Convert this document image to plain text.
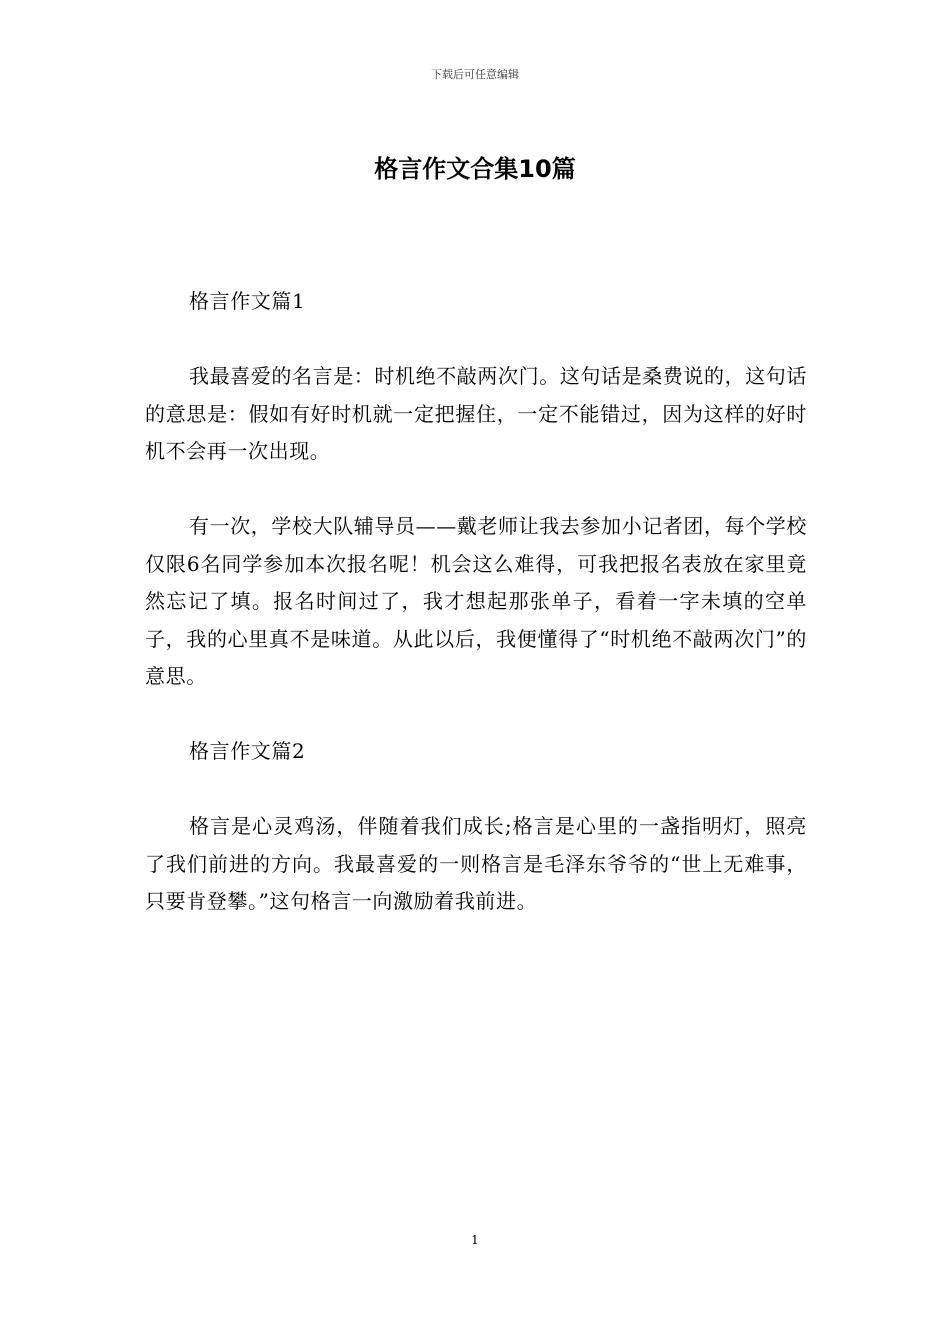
下载后可任意编辑
格言作文合集10篇
格言作文篇1

我最喜爱的名言是：时机绝不敲两次门。这句话是桑费说的，这句话的意思是：假如有好时机就一定把握住，一定不能错过，因为这样的好时机不会再一次出现。

有一次，学校大队辅导员——戴老师让我去参加小记者团，每个学校仅限6名同学参加本次报名呢！机会这么难得，可我把报名表放在家里竟然忘记了填。报名时间过了，我才想起那张单子，看着一字未填的空单子，我的心里真不是味道。从此以后，我便懂得了“时机绝不敲两次门”的意思。

格言作文篇2

格言是心灵鸡汤，伴随着我们成长;格言是心里的一盏指明灯，照亮了我们前进的方向。我最喜爱的一则格言是毛泽东爷爷的“世上无难事，只要肯登攀。”这句格言一向激励着我前进。

1
